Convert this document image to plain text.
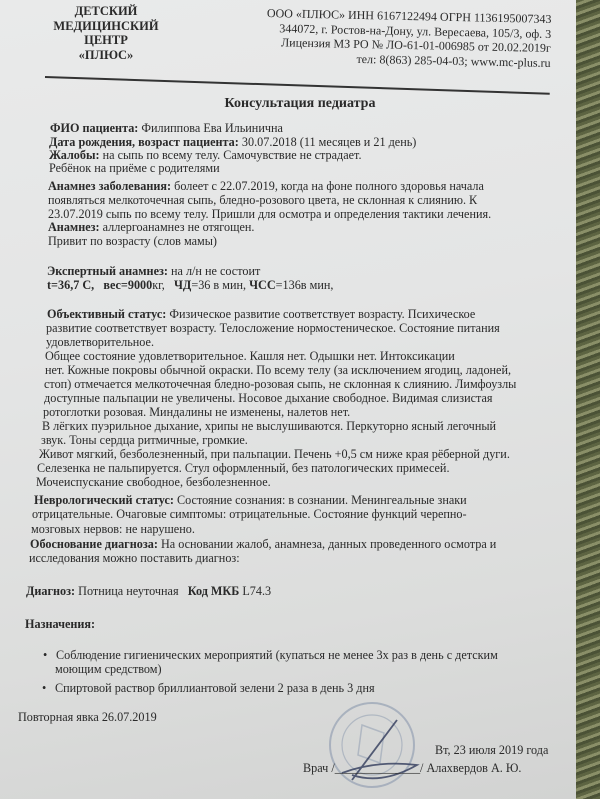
ДЕТСКИЙ
МЕДИЦИНСКИЙ
ЦЕНТР
«ПЛЮС»
ООО «ПЛЮС» ИНН 6167122494 ОГРН 1136195007343
344072, г. Ростов-на-Дону, ул. Вересаева, 105/3, оф. 3
Лицензия МЗ РО № ЛО-61-01-006985 от 20.02.2019г
тел: 8(863) 285-04-03; www.mc-plus.ru
Консультация педиатра
ФИО пациента: Филиппова Ева Ильинична
Дата рождения, возраст пациента: 30.07.2018 (11 месяцев и 21 день)
Жалобы: на сыпь по всему телу. Самочувствие не страдает.
Ребёнок на приёме с родителями
Анамнез заболевания: болеет с 22.07.2019, когда на фоне полного здоровья начала
появляться мелкоточечная сыпь, бледно-розового цвета, не склонная к слиянию. К
23.07.2019 сыпь по всему телу. Пришли для осмотра и определения тактики лечения.
Анамнез: аллергоанамнез не отягощен.
Привит по возрасту (слов мамы)
Экспертный анамнез: на л/н не состоит
t=36,7 С, вес=9000кг, ЧД=36 в мин, ЧСС=136в мин,
Объективный статус: Физическое развитие соответствует возрасту. Психическое
развитие соответствует возрасту. Телосложение нормостеническое. Состояние питания
удовлетворительное.
Общее состояние удовлетворительное. Кашля нет. Одышки нет. Интоксикации
нет. Кожные покровы обычной окраски. По всему телу (за исключением ягодиц, ладоней,
стоп) отмечается мелкоточечная бледно-розовая сыпь, не склонная к слиянию. Лимфоузлы
доступные пальпации не увеличены. Носовое дыхание свободное. Видимая слизистая
ротоглотки розовая. Миндалины не изменены, налетов нет.
В лёгких пуэрильное дыхание, хрипы не выслушиваются. Перкуторно ясный легочный
звук. Тоны сердца ритмичные, громкие.
Живот мягкий, безболезненный, при пальпации. Печень +0,5 см ниже края рёберной дуги.
Селезенка не пальпируется. Стул оформленный, без патологических примесей.
Мочеиспускание свободное, безболезненное.
Неврологический статус: Состояние сознания: в сознании. Менингеальные знаки
отрицательные. Очаговые симптомы: отрицательные. Состояние функций черепно-
мозговых нервов: не нарушено.
Обоснование диагноза: На основании жалоб, анамнеза, данных проведенного осмотра и
исследования можно поставить диагноз:
Диагноз: Потница неуточная Код МКБ L74.3
Назначения:
• Соблюдение гигиенических мероприятий (купаться не менее 3х раз в день с детским
моющим средством)
• Спиртовой раствор бриллиантовой зелени 2 раза в день 3 дня
Повторная явка 26.07.2019
Вт, 23 июля 2019 года
Врач /______________/ Алахвердов А. Ю.
